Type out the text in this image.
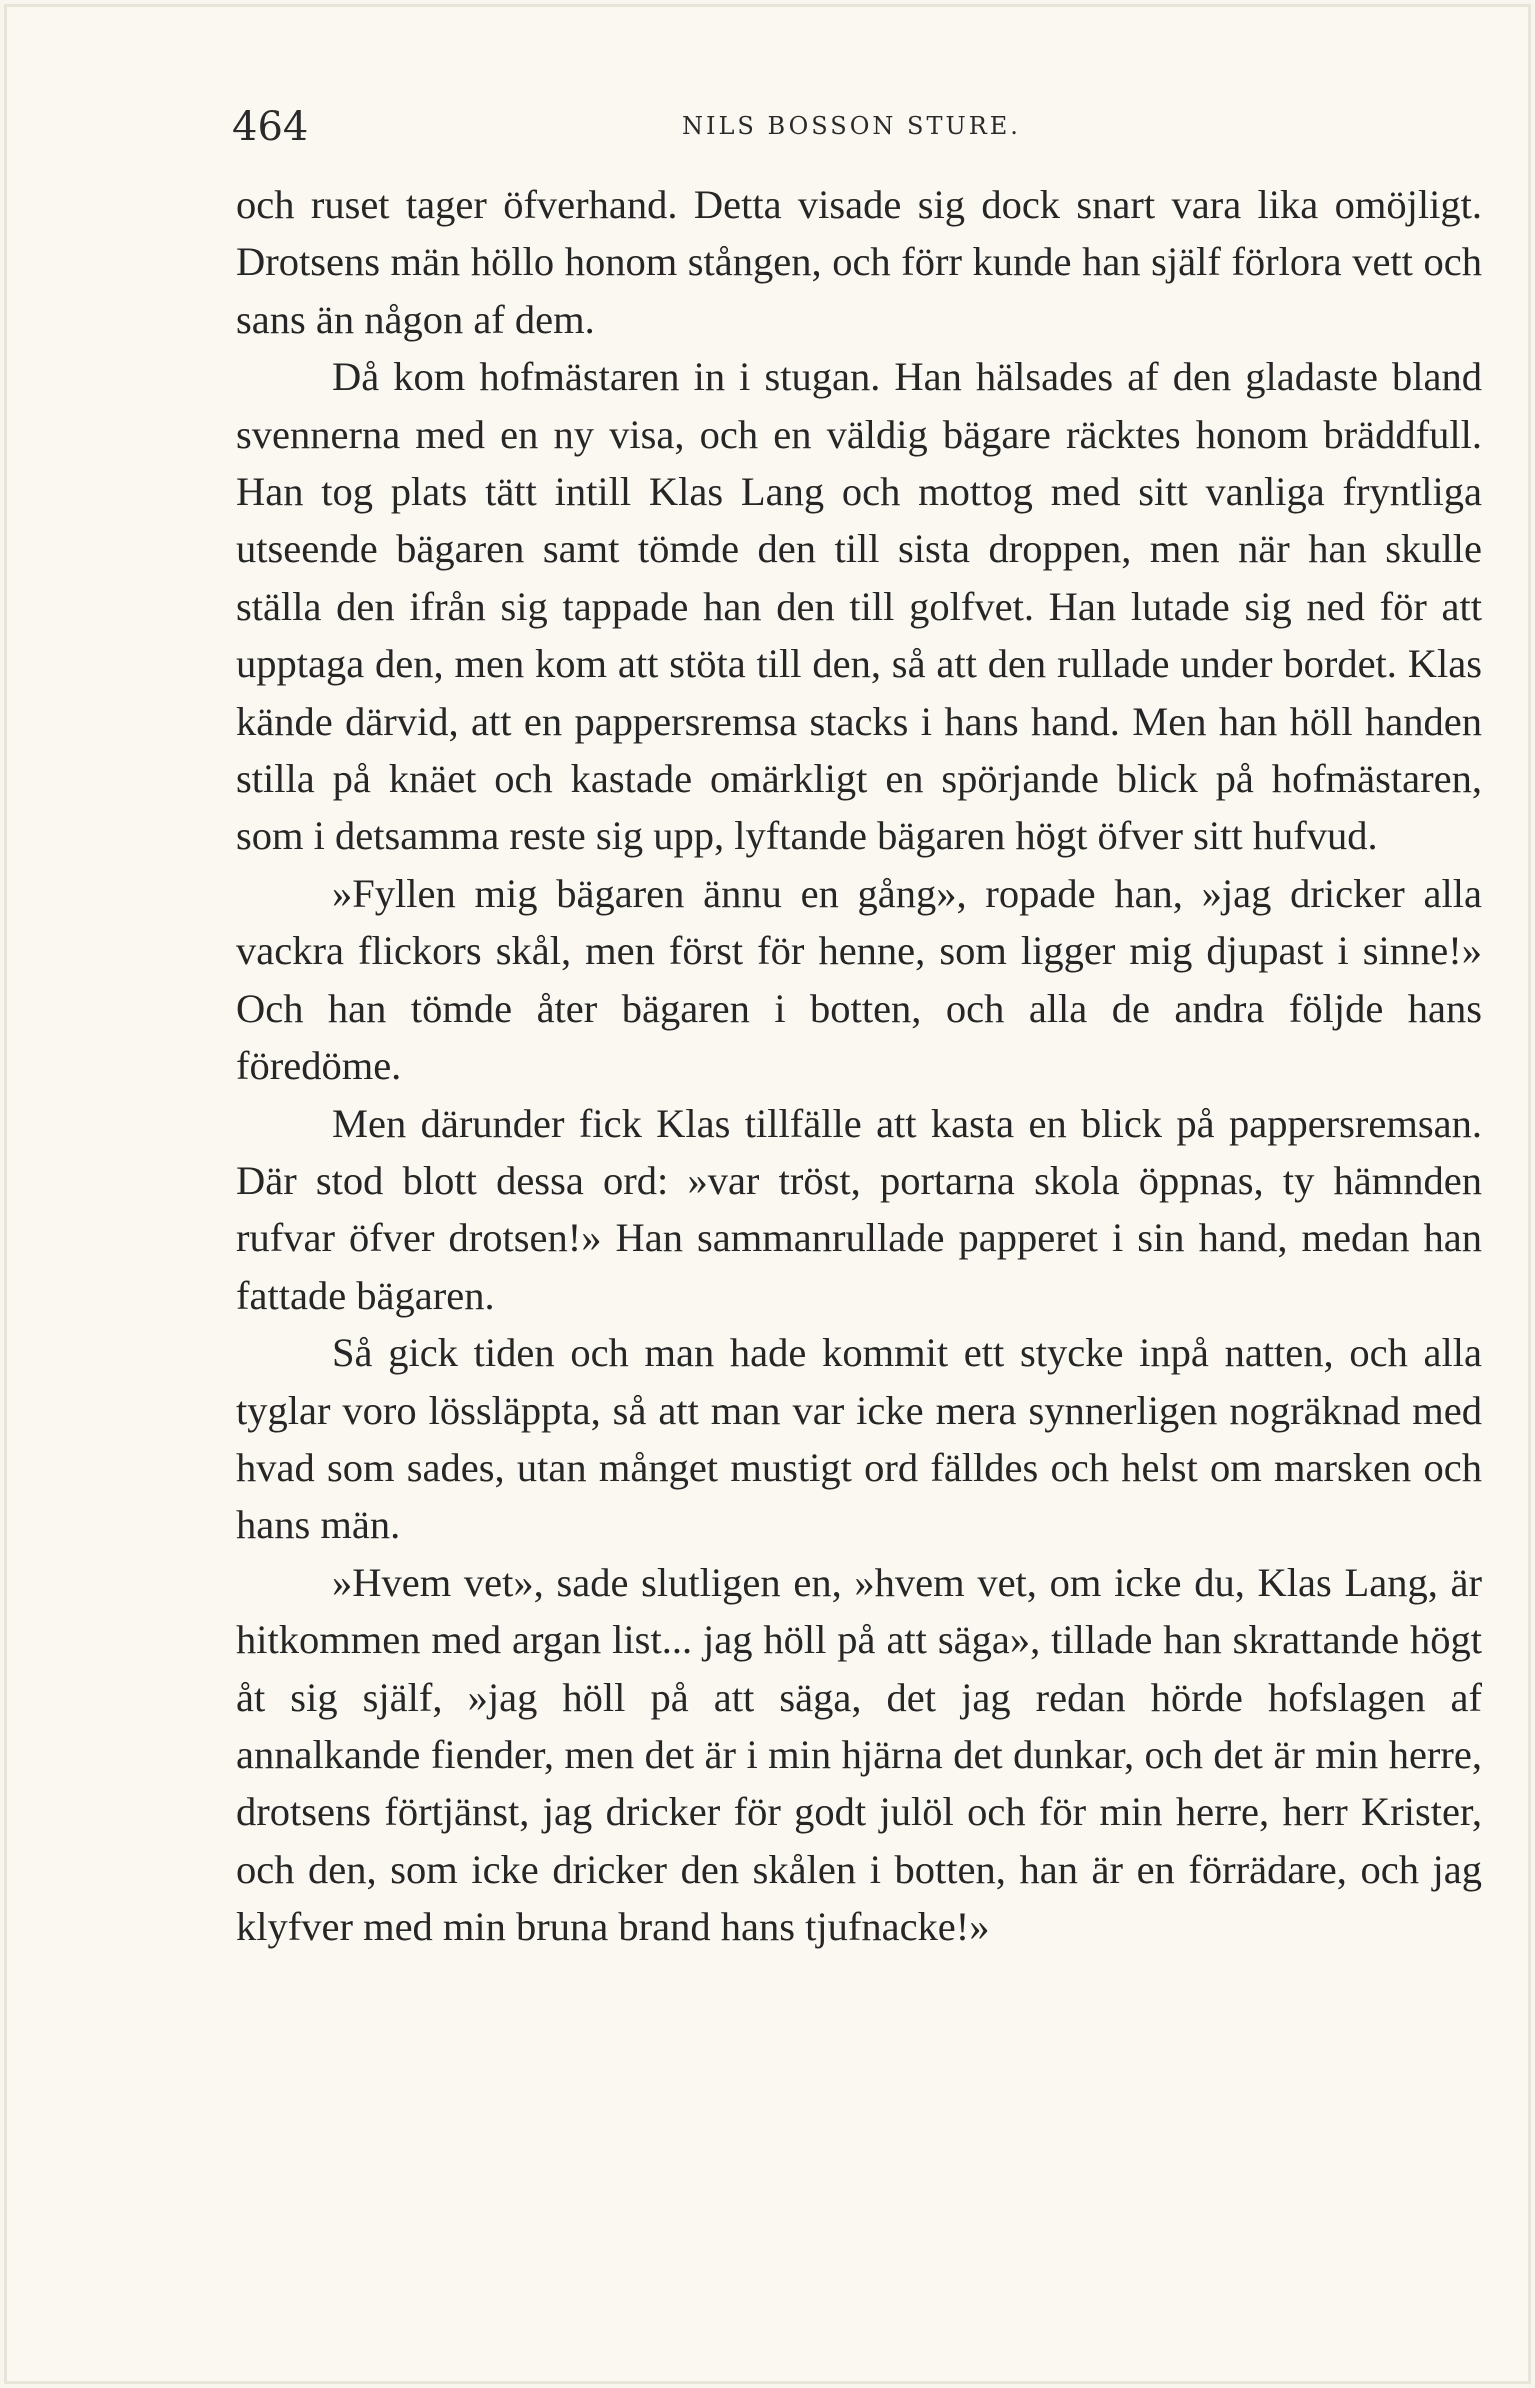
464	NILS BOSSON STURE.

och ruset tager öfverhand. Detta visade sig dock snart vara lika omöjligt. Drotsens män höllo honom stången, och förr kunde han själf förlora vett och sans än någon af dem.

Då kom hofmästaren in i stugan. Han hälsades af den gladaste bland svennerna med en ny visa, och en väldig bägare räcktes honom bräddfull. Han tog plats tätt intill Klas Lang och mottog med sitt vanliga fryntliga utseende bägaren samt tömde den till sista droppen, men när han skulle ställa den ifrån sig tappade han den till golfvet. Han lutade sig ned för att upptaga den, men kom att stöta till den, så att den rullade under bordet. Klas kände därvid, att en pappersremsa stacks i hans hand. Men han höll handen stilla på knäet och kastade omärkligt en spörjande blick på hofmästaren, som i detsamma reste sig upp, lyftande bägaren högt öfver sitt hufvud.

»Fyllen mig bägaren ännu en gång», ropade han, »jag dricker alla vackra flickors skål, men först för henne, som ligger mig djupast i sinne!» Och han tömde åter bägaren i botten, och alla de andra följde hans föredöme.

Men därunder fick Klas tillfälle att kasta en blick på pappersremsan. Där stod blott dessa ord: »var tröst, portarna skola öppnas, ty hämnden rufvar öfver drotsen!» Han sammanrullade papperet i sin hand, medan han fattade bägaren.

Så gick tiden och man hade kommit ett stycke inpå natten, och alla tyglar voro lössläppta, så att man var icke mera synnerligen nogräknad med hvad som sades, utan månget mustigt ord fälldes och helst om marsken och hans män.

»Hvem vet», sade slutligen en, »hvem vet, om icke du, Klas Lang, är hitkommen med argan list... jag höll på att säga», tillade han skrattande högt åt sig själf, »jag höll på att säga, det jag redan hörde hofslagen af annalkande fiender, men det är i min hjärna det dunkar, och det är min herre, drotsens förtjänst, jag dricker för godt julöl och för min herre, herr Krister, och den, som icke dricker den skålen i botten, han är en förrädare, och jag klyfver med min bruna brand hans tjufnacke!»
